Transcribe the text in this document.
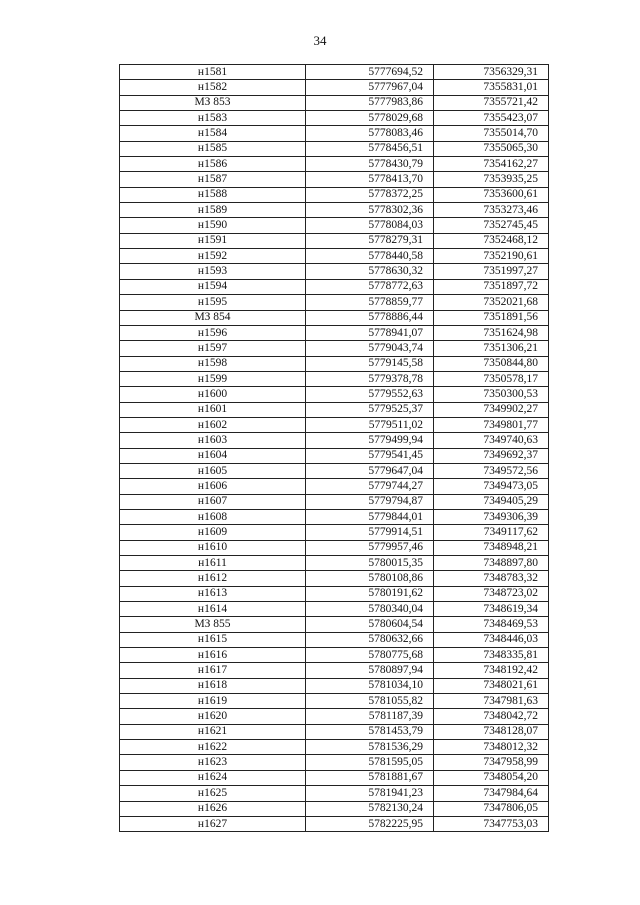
34
н1581	5777694,52	7356329,31
н1582	5777967,04	7355831,01
МЗ 853	5777983,86	7355721,42
н1583	5778029,68	7355423,07
н1584	5778083,46	7355014,70
н1585	5778456,51	7355065,30
н1586	5778430,79	7354162,27
н1587	5778413,70	7353935,25
н1588	5778372,25	7353600,61
н1589	5778302,36	7353273,46
н1590	5778084,03	7352745,45
н1591	5778279,31	7352468,12
н1592	5778440,58	7352190,61
н1593	5778630,32	7351997,27
н1594	5778772,63	7351897,72
н1595	5778859,77	7352021,68
МЗ 854	5778886,44	7351891,56
н1596	5778941,07	7351624,98
н1597	5779043,74	7351306,21
н1598	5779145,58	7350844,80
н1599	5779378,78	7350578,17
н1600	5779552,63	7350300,53
н1601	5779525,37	7349902,27
н1602	5779511,02	7349801,77
н1603	5779499,94	7349740,63
н1604	5779541,45	7349692,37
н1605	5779647,04	7349572,56
н1606	5779744,27	7349473,05
н1607	5779794,87	7349405,29
н1608	5779844,01	7349306,39
н1609	5779914,51	7349117,62
н1610	5779957,46	7348948,21
н1611	5780015,35	7348897,80
н1612	5780108,86	7348783,32
н1613	5780191,62	7348723,02
н1614	5780340,04	7348619,34
МЗ 855	5780604,54	7348469,53
н1615	5780632,66	7348446,03
н1616	5780775,68	7348335,81
н1617	5780897,94	7348192,42
н1618	5781034,10	7348021,61
н1619	5781055,82	7347981,63
н1620	5781187,39	7348042,72
н1621	5781453,79	7348128,07
н1622	5781536,29	7348012,32
н1623	5781595,05	7347958,99
н1624	5781881,67	7348054,20
н1625	5781941,23	7347984,64
н1626	5782130,24	7347806,05
н1627	5782225,95	7347753,03
